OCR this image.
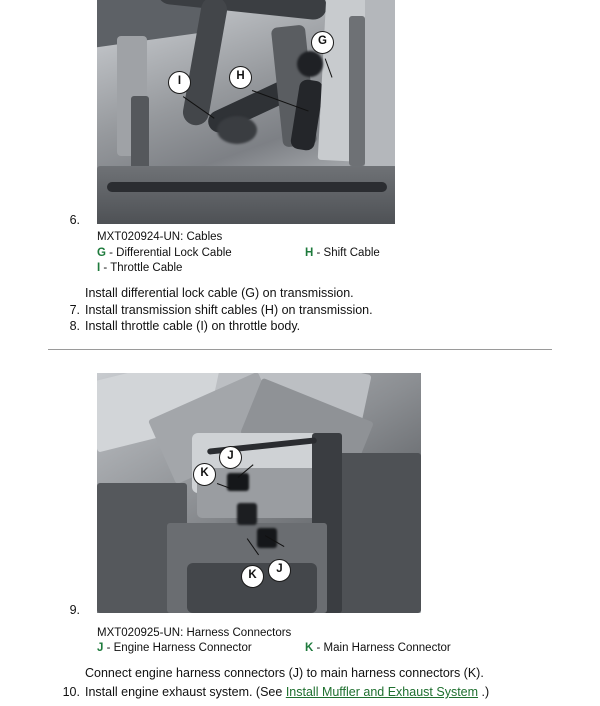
G
H
I
6.
MXT020924-UN: Cables
G - Differential Lock Cable	H - Shift Cable
I - Throttle Cable
Install differential lock cable (G) on transmission.
7. Install transmission shift cables (H) on transmission.
8. Install throttle cable (I) on throttle body.
J
K
J
K
9.
MXT020925-UN: Harness Connectors
J - Engine Harness Connector	K - Main Harness Connector
Connect engine harness connectors (J) to main harness connectors (K).
10. Install engine exhaust system. (See Install Muffler and Exhaust System .)
